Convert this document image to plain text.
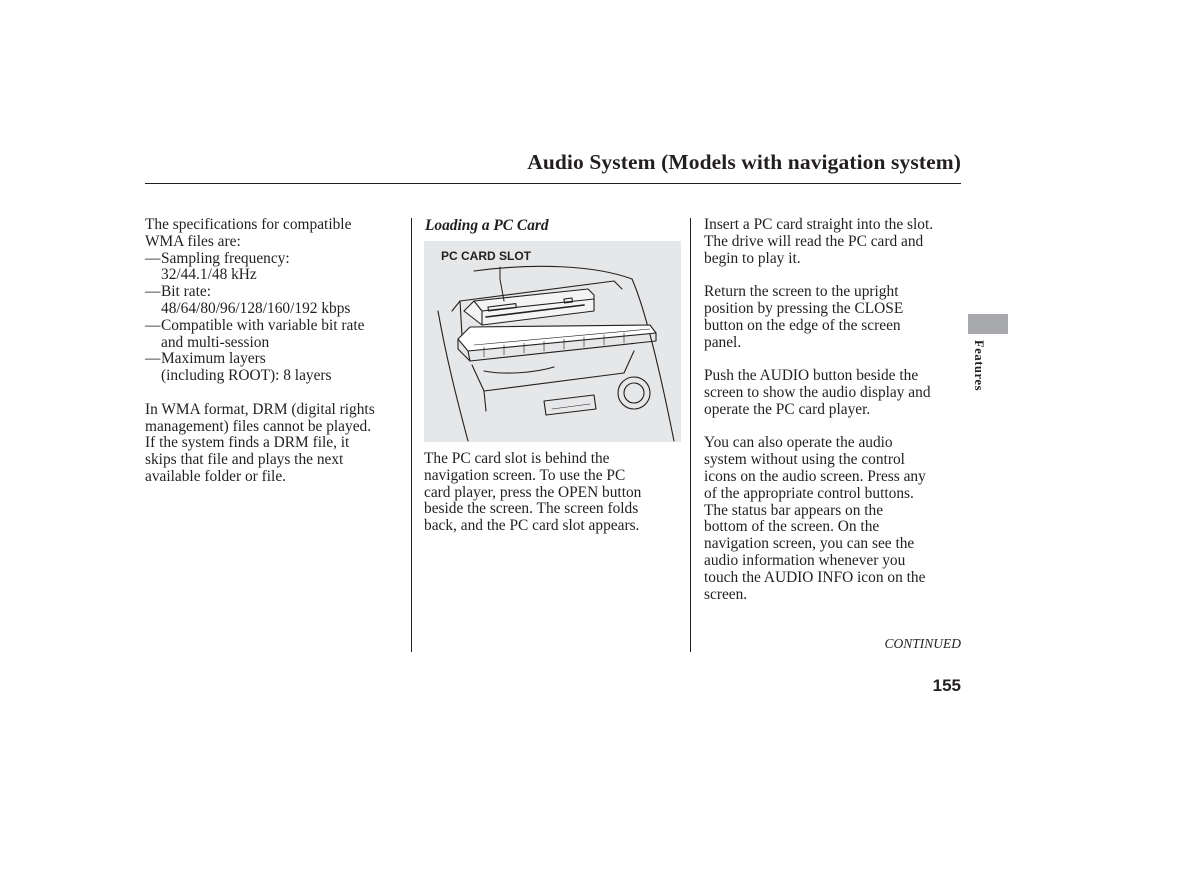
Audio System (Models with navigation system)

The specifications for compatible

WMA files are:

— Sampling frequency:

32/44.1/48 kHz

— Bit rate:

48/64/80/96/128/160/192 kbps

— Compatible with variable bit rate

and multi-session

— Maximum layers

(including ROOT): 8 layers

In WMA format, DRM (digital rights

management) files cannot be played.

If the system finds a DRM file, it

skips that file and plays the next

available folder or file.

Loading a PC Card
PC CARD SLOT

The PC card slot is behind the

navigation screen. To use the PC

card player, press the OPEN button

beside the screen. The screen folds

back, and the PC card slot appears.

Insert a PC card straight into the slot.

The drive will read the PC card and

begin to play it.

Return the screen to the upright

position by pressing the CLOSE

button on the edge of the screen

panel.

Push the AUDIO button beside the

screen to show the audio display and

operate the PC card player.

You can also operate the audio

system without using the control

icons on the audio screen. Press any

of the appropriate control buttons.

The status bar appears on the

bottom of the screen. On the

navigation screen, you can see the

audio information whenever you

touch the AUDIO INFO icon on the

screen.

Features
CONTINUED
155
